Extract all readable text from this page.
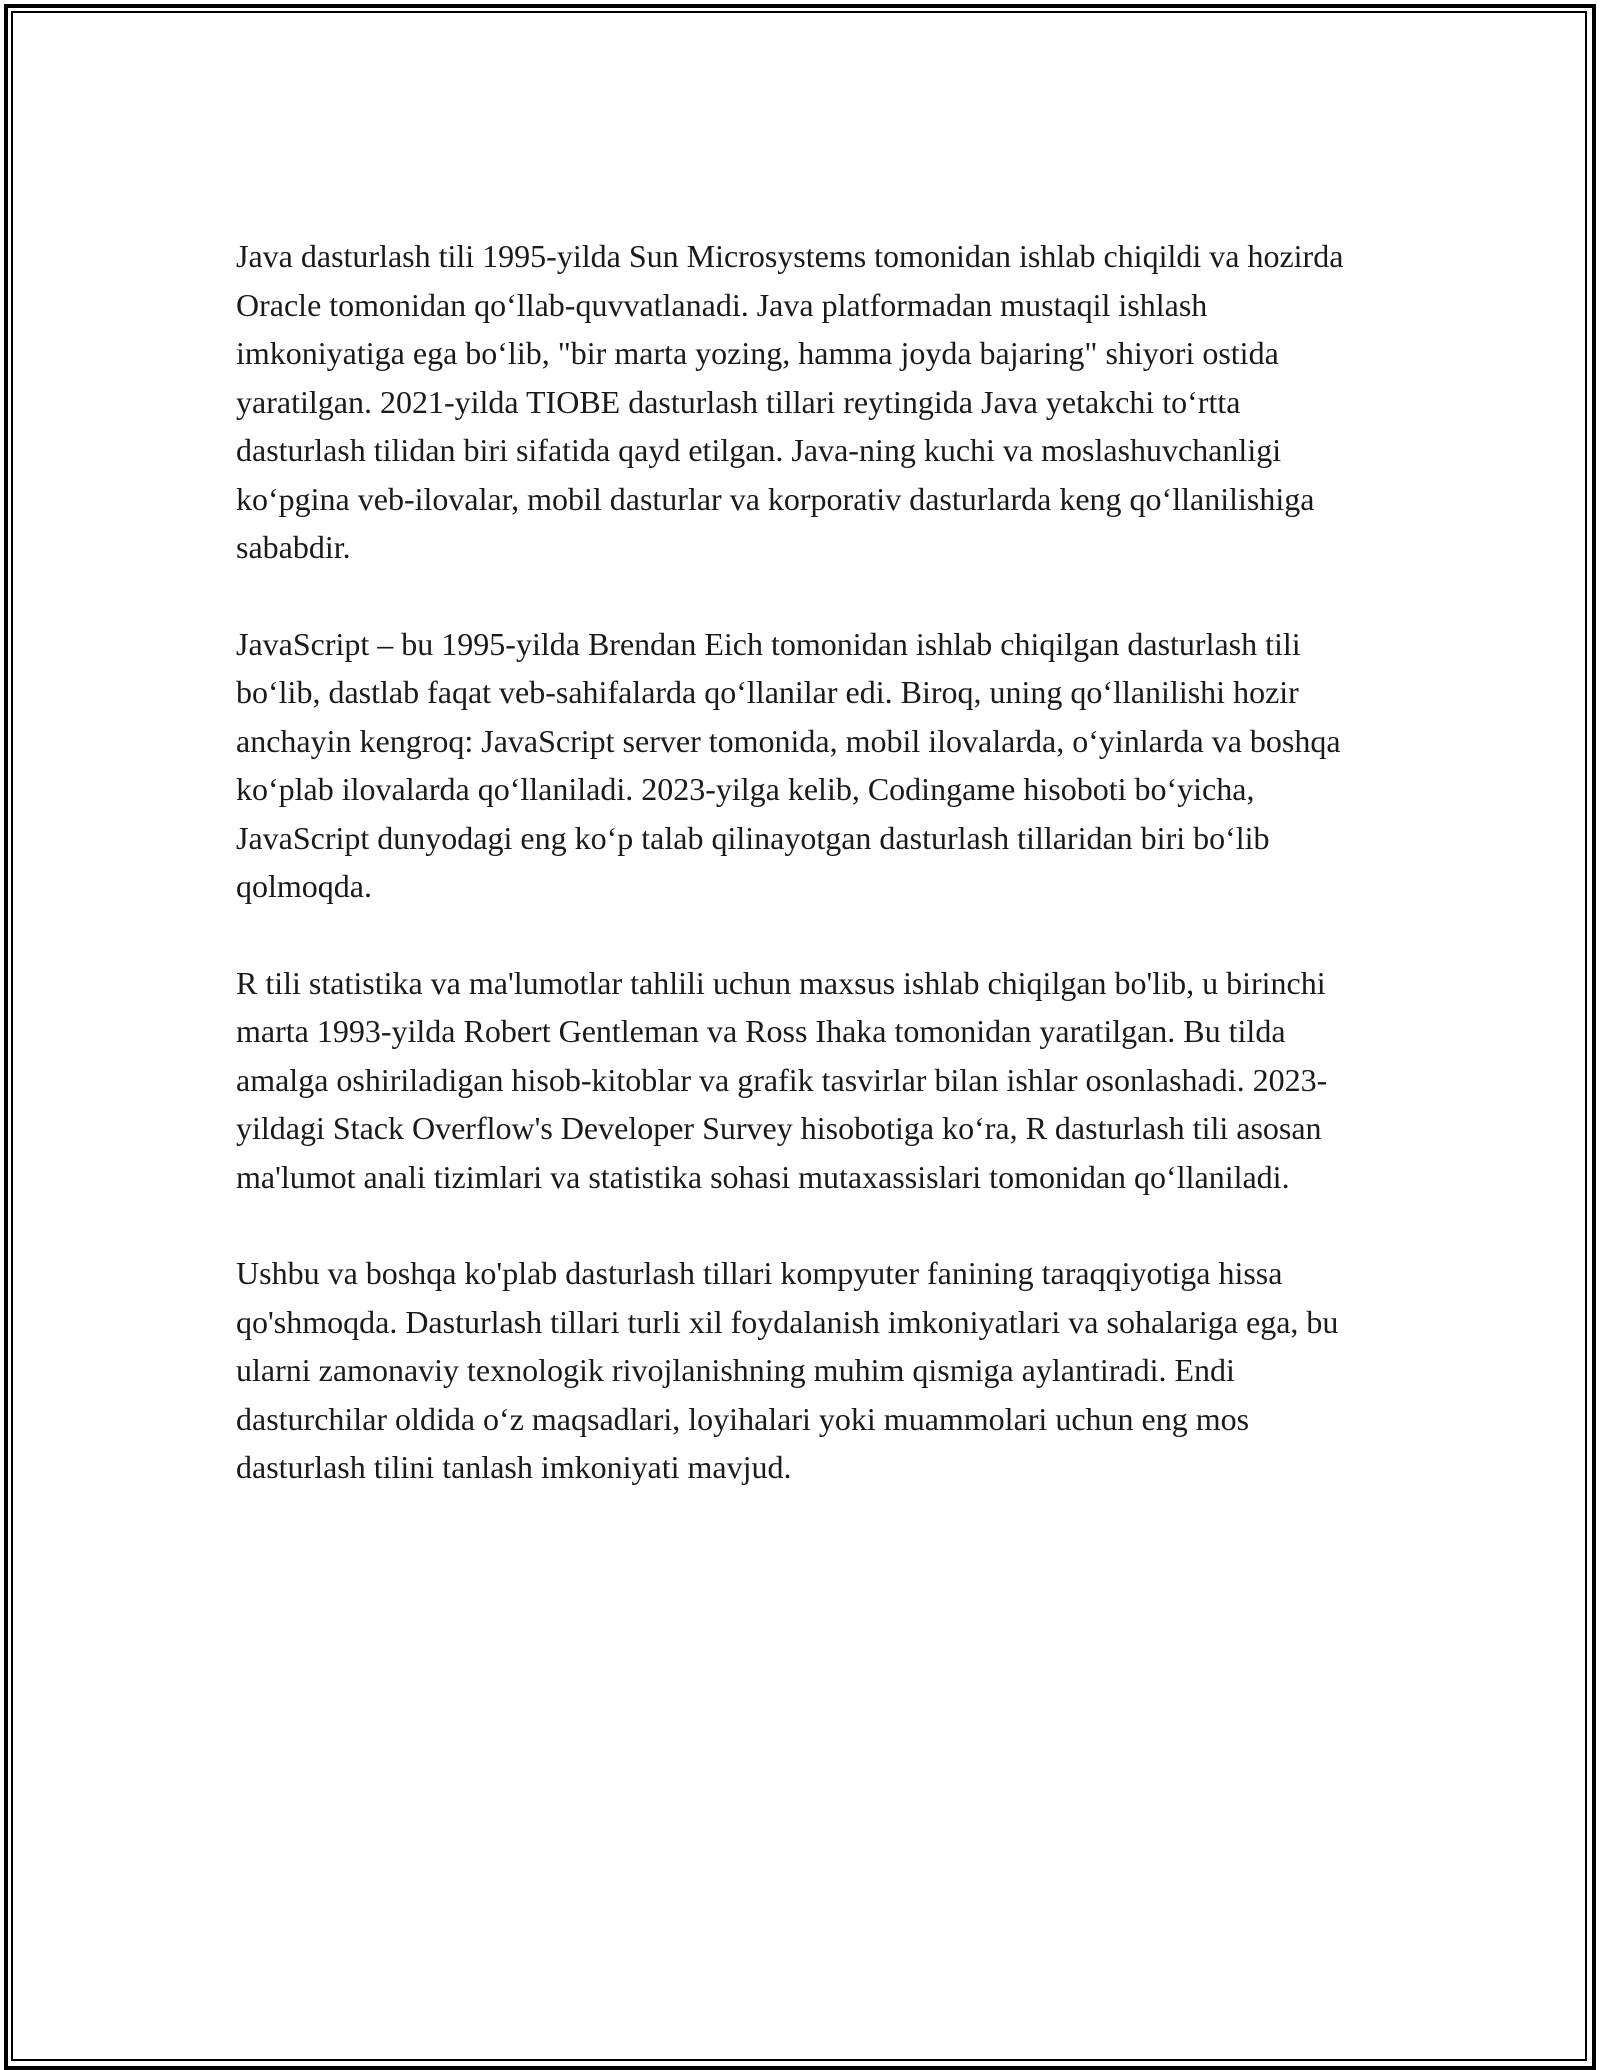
Java dasturlash tili 1995-yilda Sun Microsystems tomonidan ishlab chiqildi va hozirda Oracle tomonidan qo‘llab-quvvatlanadi. Java platformadan mustaqil ishlash imkoniyatiga ega bo‘lib, "bir marta yozing, hamma joyda bajaring" shiyori ostida yaratilgan. 2021-yilda TIOBE dasturlash tillari reytingida Java yetakchi to‘rtta dasturlash tilidan biri sifatida qayd etilgan. Java-ning kuchi va moslashuvchanligi ko‘pgina veb-ilovalar, mobil dasturlar va korporativ dasturlarda keng qo‘llanilishiga sababdir.

JavaScript – bu 1995-yilda Brendan Eich tomonidan ishlab chiqilgan dasturlash tili bo‘lib, dastlab faqat veb-sahifalarda qo‘llanilar edi. Biroq, uning qo‘llanilishi hozir anchayin kengroq: JavaScript server tomonida, mobil ilovalarda, o‘yinlarda va boshqa ko‘plab ilovalarda qo‘llaniladi. 2023-yilga kelib, Codingame hisoboti bo‘yicha, JavaScript dunyodagi eng ko‘p talab qilinayotgan dasturlash tillaridan biri bo‘lib qolmoqda.

R tili statistika va ma'lumotlar tahlili uchun maxsus ishlab chiqilgan bo'lib, u birinchi marta 1993-yilda Robert Gentleman va Ross Ihaka tomonidan yaratilgan. Bu tilda amalga oshiriladigan hisob-kitoblar va grafik tasvirlar bilan ishlar osonlashadi. 2023-yildagi Stack Overflow's Developer Survey hisobotiga ko‘ra, R dasturlash tili asosan ma'lumot anali tizimlari va statistika sohasi mutaxassislari tomonidan qo‘llaniladi.

Ushbu va boshqa ko'plab dasturlash tillari kompyuter fanining taraqqiyotiga hissa qo'shmoqda. Dasturlash tillari turli xil foydalanish imkoniyatlari va sohalariga ega, bu ularni zamonaviy texnologik rivojlanishning muhim qismiga aylantiradi. Endi dasturchilar oldida o‘z maqsadlari, loyihalari yoki muammolari uchun eng mos dasturlash tilini tanlash imkoniyati mavjud.
